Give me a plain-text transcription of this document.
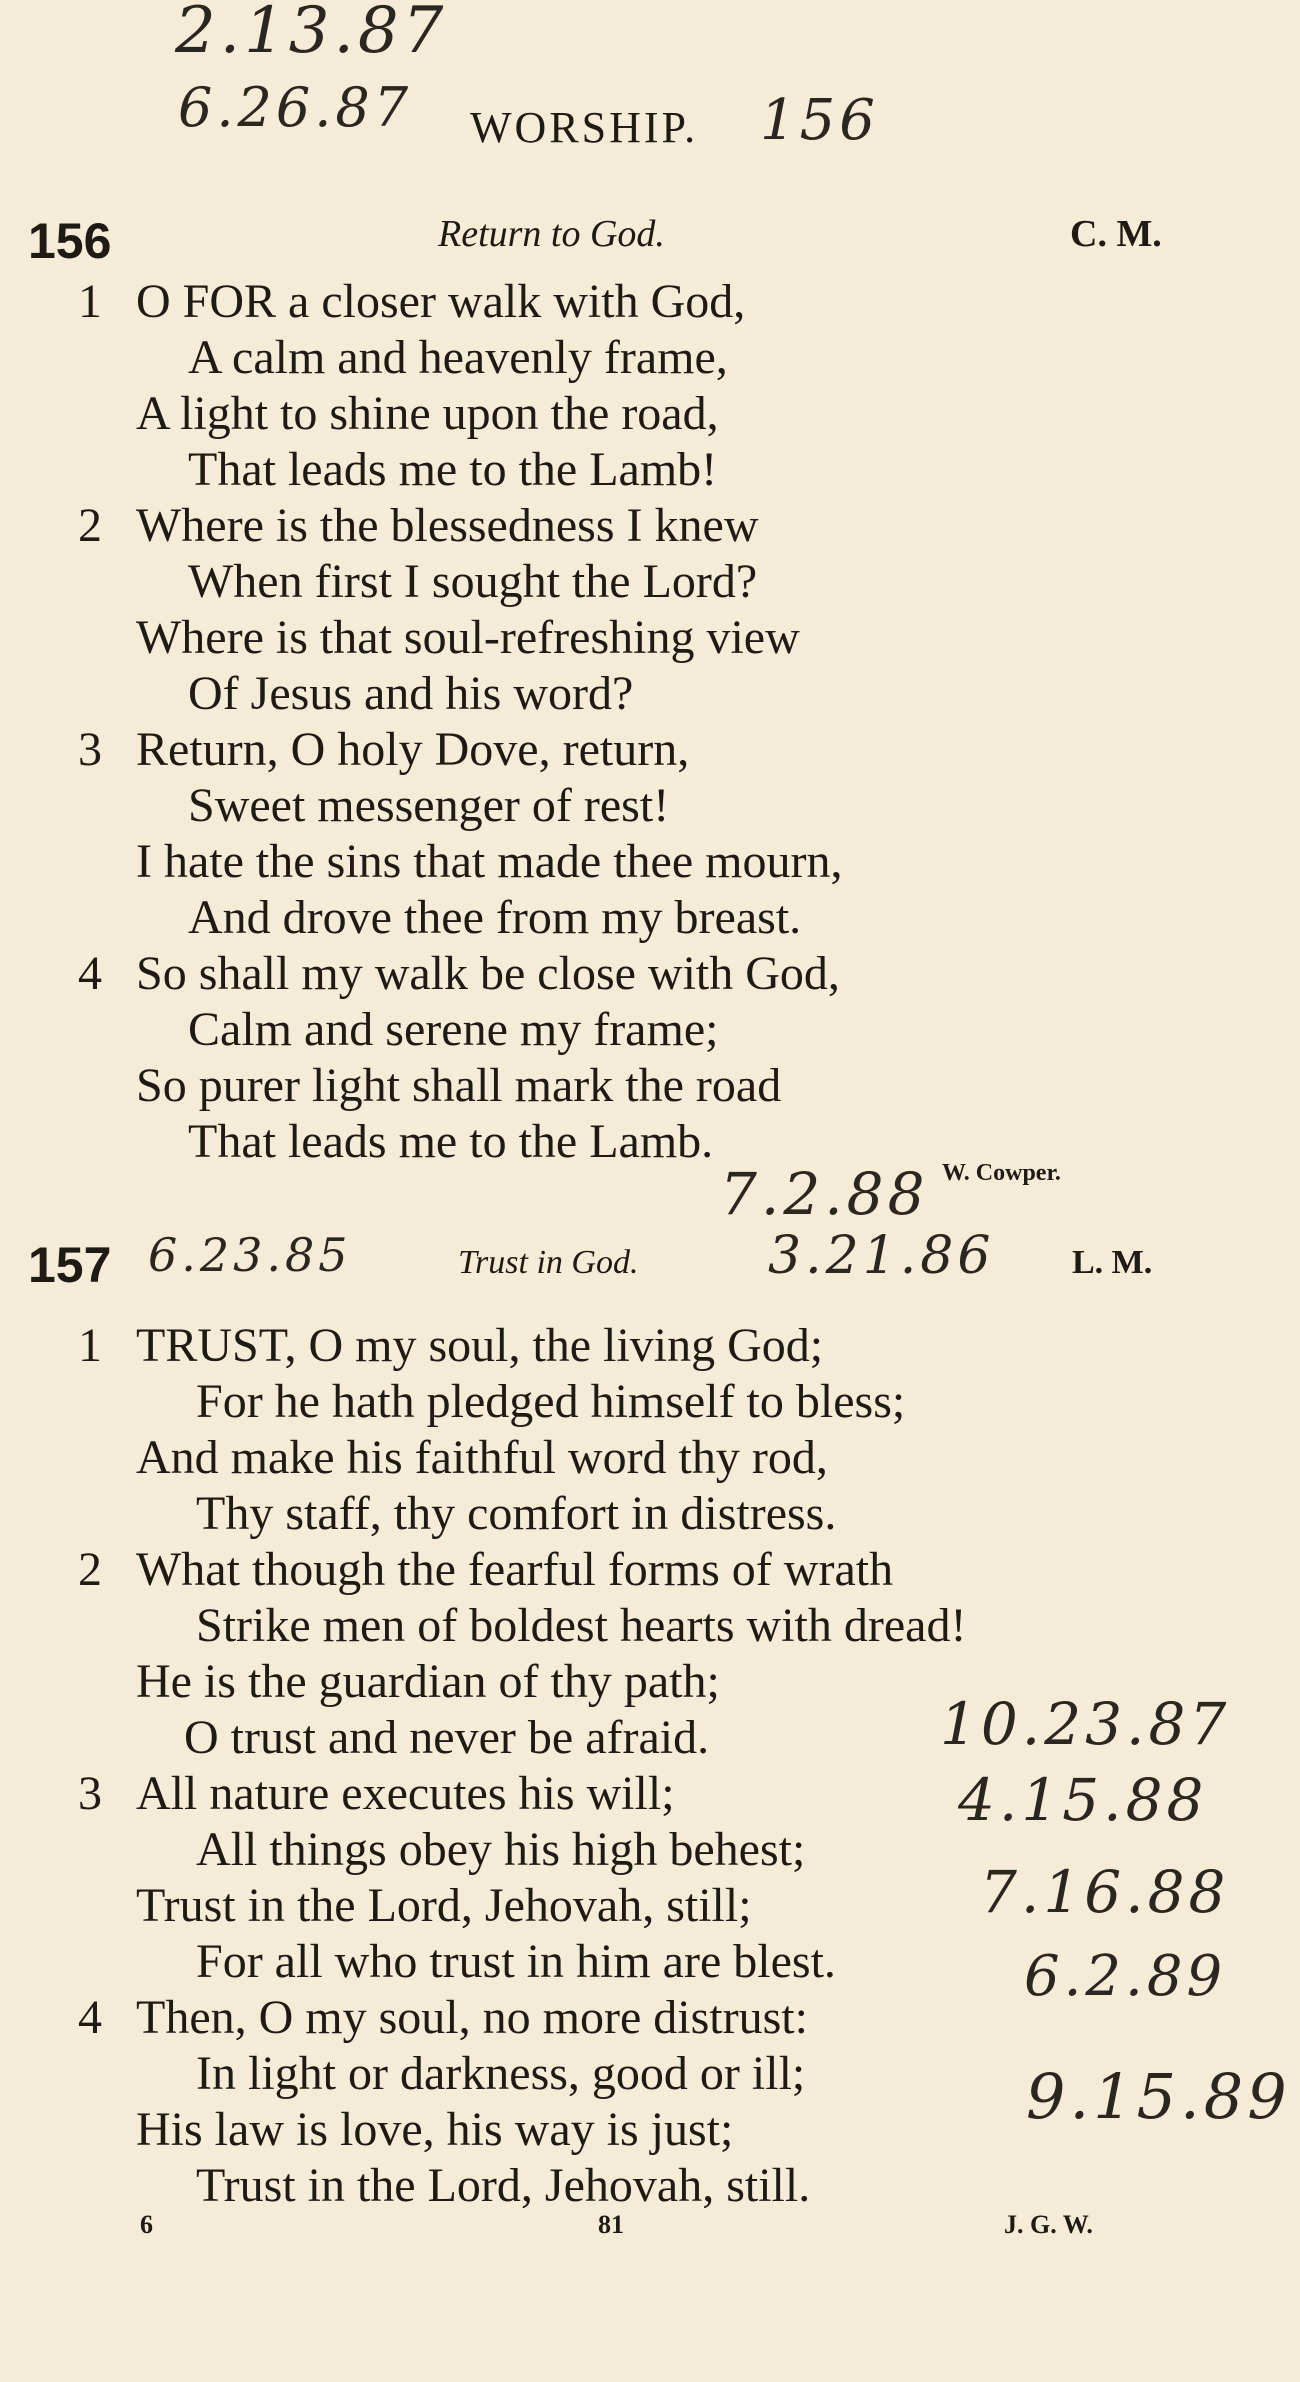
2.13.87
6.26.87 WORSHIP. 156
156	Return to God.	C. M.
1 O FOR a closer walk with God,
A calm and heavenly frame,
A light to shine upon the road,
That leads me to the Lamb!
2 Where is the blessedness I knew
When first I sought the Lord?
Where is that soul-refreshing view
Of Jesus and his word?
3 Return, O holy Dove, return,
Sweet messenger of rest!
I hate the sins that made thee mourn,
And drove thee from my breast.
4 So shall my walk be close with God,
Calm and serene my frame;
So purer light shall mark the road
That leads me to the Lamb.
7.2.88 W. Cowper.
157 6.23.85	Trust in God. 3.21.86 L. M.
1 TRUST, O my soul, the living God;
For he hath pledged himself to bless;
And make his faithful word thy rod,
Thy staff, thy comfort in distress.
2 What though the fearful forms of wrath
Strike men of boldest hearts with dread!
He is the guardian of thy path;
O trust and never be afraid.
3 All nature executes his will;
All things obey his high behest;
Trust in the Lord, Jehovah, still;
For all who trust in him are blest.
4 Then, O my soul, no more distrust:
In light or darkness, good or ill;
His law is love, his way is just;
Trust in the Lord, Jehovah, still.
10.23.87
4.15.88
7.16.88
6.2.89
9.15.89
6	81	J. G. W.
